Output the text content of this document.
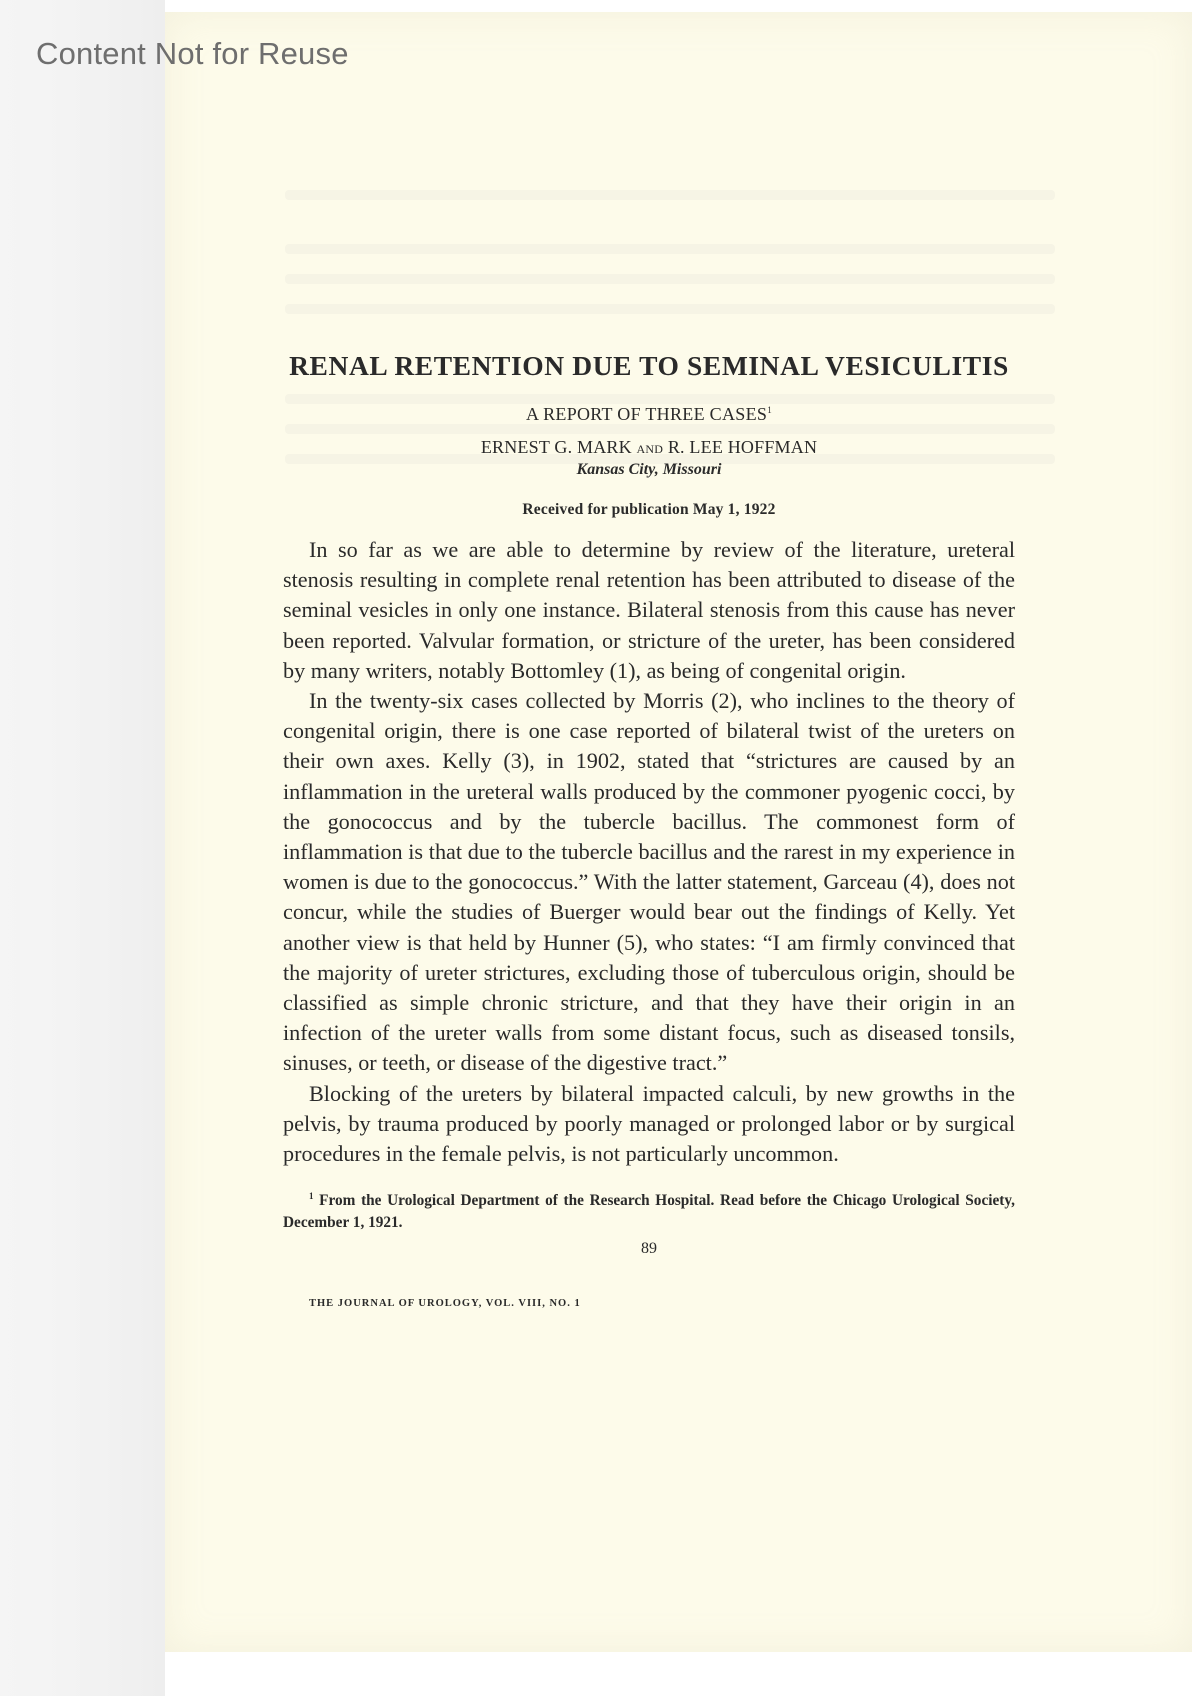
Content Not for Reuse
RENAL RETENTION DUE TO SEMINAL VESICULITIS
A REPORT OF THREE CASES$^1$
ERNEST G. MARK AND R. LEE HOFFMAN
Kansas City, Missouri
Received for publication May 1, 1922

In so far as we are able to determine by review of the literature, ureteral stenosis resulting in complete renal retention has been attributed to disease of the seminal vesicles in only one instance. Bilateral stenosis from this cause has never been reported. Valvular formation, or stricture of the ureter, has been considered by many writers, notably Bottomley (1), as being of congenital origin.

In the twenty-six cases collected by Morris (2), who inclines to the theory of congenital origin, there is one case reported of bilateral twist of the ureters on their own axes. Kelly (3), in 1902, stated that “strictures are caused by an inflammation in the ureteral walls produced by the commoner pyogenic cocci, by the gonococcus and by the tubercle bacillus. The commonest form of inflammation is that due to the tubercle bacillus and the rarest in my experience in women is due to the gonococcus.” With the latter statement, Garceau (4), does not concur, while the studies of Buerger would bear out the findings of Kelly. Yet another view is that held by Hunner (5), who states: “I am firmly convinced that the majority of ureter strictures, excluding those of tuberculous origin, should be classified as simple chronic stricture, and that they have their origin in an infection of the ureter walls from some distant focus, such as diseased tonsils, sinuses, or teeth, or disease of the digestive tract.”

Blocking of the ureters by bilateral impacted calculi, by new growths in the pelvis, by trauma produced by poorly managed or prolonged labor or by surgical procedures in the female pelvis, is not particularly uncommon.

$^1$ From the Urological Department of the Research Hospital. Read before the Chicago Urological Society, December 1, 1921.
89
THE JOURNAL OF UROLOGY, VOL. VIII, NO. 1
